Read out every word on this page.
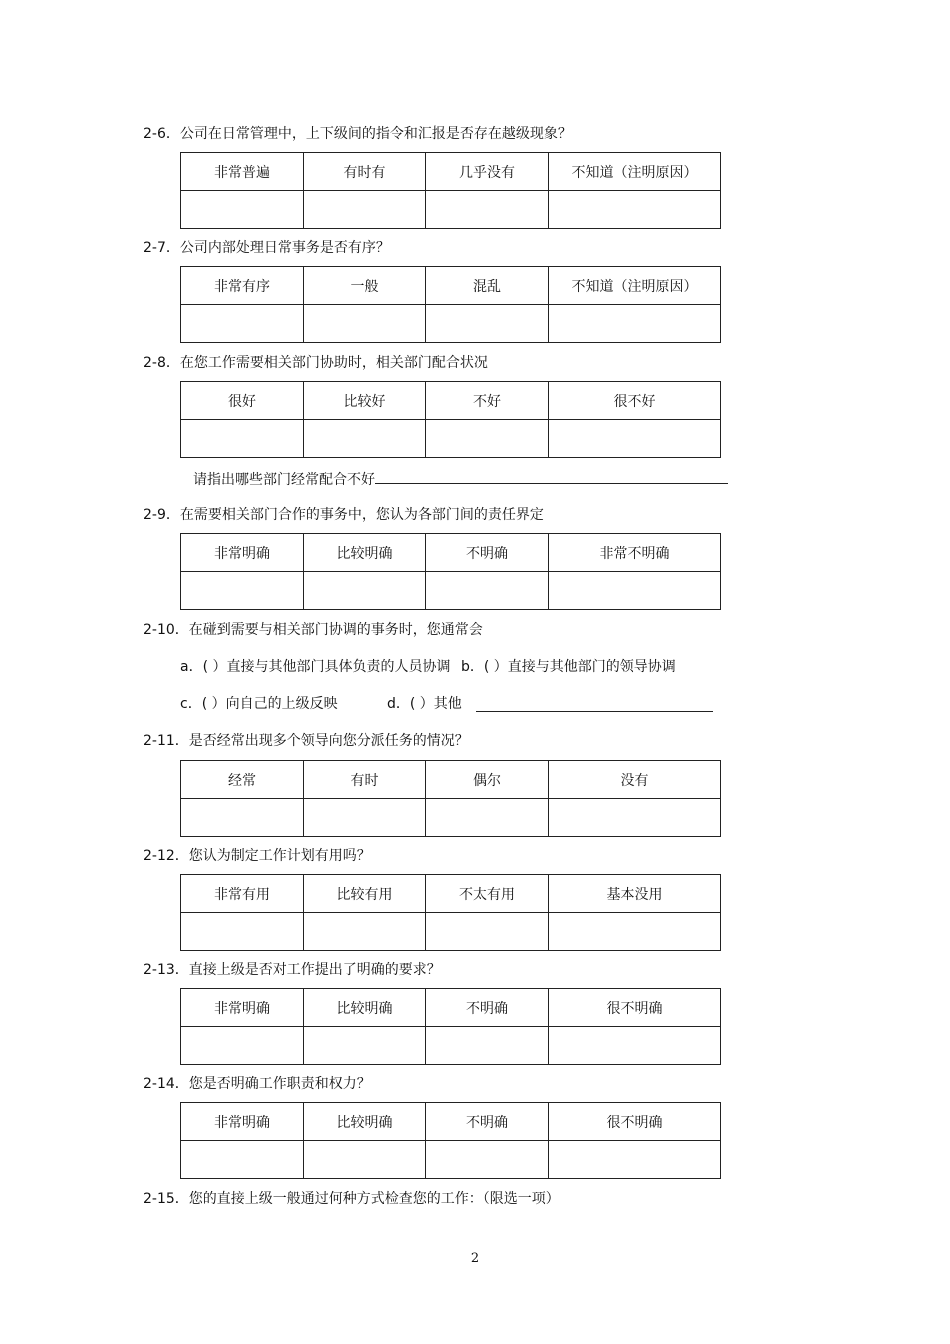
2-6．公司在日常管理中，上下级间的指令和汇报是否存在越级现象？
非常普遍	有时有	几乎没有	不知道（注明原因）

2-7．公司内部处理日常事务是否有序？
非常有序	一般	混乱	不知道（注明原因）

2-8．在您工作需要相关部门协助时，相关部门配合状况
很好	比较好	不好	很不好

请指出哪些部门经常配合不好
2-9．在需要相关部门合作的事务中，您认为各部门间的责任界定
非常明确	比较明确	不明确	非常不明确

2-10．在碰到需要与相关部门协调的事务时，您通常会
a．( ）直接与其他部门具体负责的人员协调 b．( ）直接与其他部门的领导协调
c．( ）向自己的上级反映	d．( ）其他
2-11．是否经常出现多个领导向您分派任务的情况？
经常	有时	偶尔	没有

2-12．您认为制定工作计划有用吗？
非常有用	比较有用	不太有用	基本没用

2-13．直接上级是否对工作提出了明确的要求？
非常明确	比较明确	不明确	很不明确

2-14．您是否明确工作职责和权力？
非常明确	比较明确	不明确	很不明确

2-15．您的直接上级一般通过何种方式检查您的工作：（限选一项）
2
